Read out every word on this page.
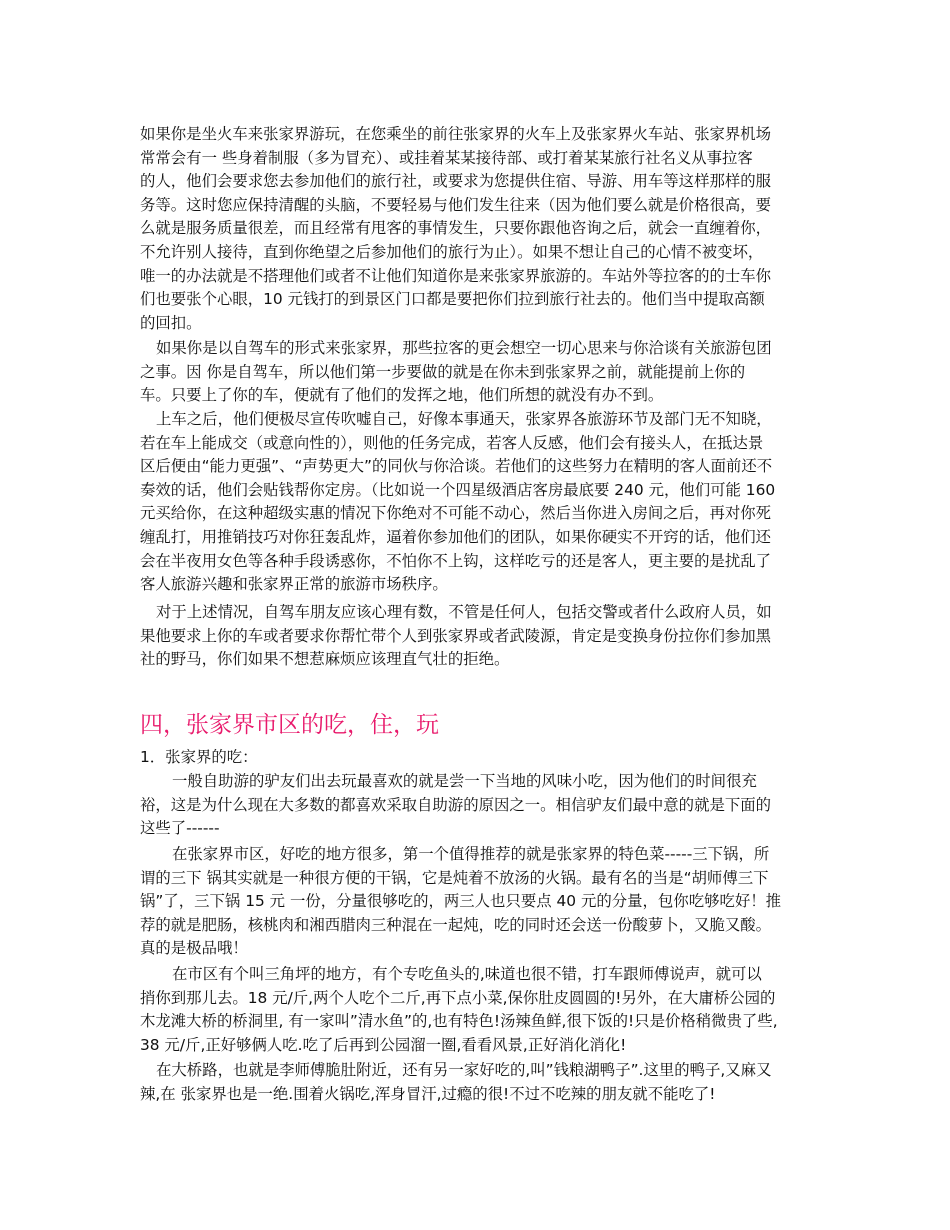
如果你是坐火车来张家界游玩，在您乘坐的前往张家界的火车上及张家界火车站、张家界机场
常常会有一 些身着制服（多为冒充）、或挂着某某接待部、或打着某某旅行社名义从事拉客
的人，他们会要求您去参加他们的旅行社，或要求为您提供住宿、导游、用车等这样那样的服
务等。这时您应保持清醒的头脑，不要轻易与他们发生往来（因为他们要么就是价格很高，要
么就是服务质量很差，而且经常有甩客的事情发生，只要你跟他咨询之后，就会一直缠着你，
不允许别人接待，直到你绝望之后参加他们的旅行为止）。如果不想让自己的心情不被变坏，
唯一的办法就是不搭理他们或者不让他们知道你是来张家界旅游的。车站外等拉客的的士车你
们也要张个心眼，10 元钱打的到景区门口都是要把你们拉到旅行社去的。他们当中提取高额
的回扣。
如果你是以自驾车的形式来张家界，那些拉客的更会想空一切心思来与你洽谈有关旅游包团
之事。因 你是自驾车，所以他们第一步要做的就是在你未到张家界之前，就能提前上你的
车。只要上了你的车，便就有了他们的发挥之地，他们所想的就没有办不到。
上车之后，他们便极尽宣传吹嘘自己，好像本事通天，张家界各旅游环节及部门无不知晓，
若在车上能成交（或意向性的），则他的任务完成，若客人反感，他们会有接头人，在抵达景
区后便由“能力更强”、“声势更大”的同伙与你洽谈。若他们的这些努力在精明的客人面前还不
奏效的话，他们会贴钱帮你定房。（比如说一个四星级酒店客房最底要 240 元，他们可能 160
元买给你，在这种超级实惠的情况下你绝对不可能不动心，然后当你进入房间之后，再对你死
缠乱打，用推销技巧对你狂轰乱炸，逼着你参加他们的团队，如果你硬实不开窍的话，他们还
会在半夜用女色等各种手段诱惑你，不怕你不上钩，这样吃亏的还是客人，更主要的是扰乱了
客人旅游兴趣和张家界正常的旅游市场秩序。
对于上述情况，自驾车朋友应该心理有数，不管是任何人，包括交警或者什么政府人员，如
果他要求上你的车或者要求你帮忙带个人到张家界或者武陵源，肯定是变换身份拉你们参加黑
社的野马，你们如果不想惹麻烦应该理直气壮的拒绝。
四，张家界市区的吃，住，玩
1．张家界的吃：
一般自助游的驴友们出去玩最喜欢的就是尝一下当地的风味小吃，因为他们的时间很充
裕，这是为什么现在大多数的都喜欢采取自助游的原因之一。相信驴友们最中意的就是下面的
这些了------
在张家界市区，好吃的地方很多，第一个值得推荐的就是张家界的特色菜-----三下锅，所
谓的三下 锅其实就是一种很方便的干锅，它是炖着不放汤的火锅。最有名的当是“胡师傅三下
锅”了，三下锅 15 元 一份，分量很够吃的，两三人也只要点 40 元的分量，包你吃够吃好！推
荐的就是肥肠，核桃肉和湘西腊肉三种混在一起炖，吃的同时还会送一份酸萝卜，又脆又酸。
真的是极品哦！
在市区有个叫三角坪的地方，有个专吃鱼头的,味道也很不错，打车跟师傅说声，就可以
捎你到那儿去。18 元/斤,两个人吃个二斤,再下点小菜,保你肚皮圆圆的!另外，在大庸桥公园的
木龙滩大桥的桥洞里, 有一家叫”清水鱼”的,也有特色!汤辣鱼鲜,很下饭的!只是价格稍微贵了些,
38 元/斤,正好够俩人吃.吃了后再到公园溜一圈,看看风景,正好消化消化!
在大桥路，也就是李师傅脆肚附近，还有另一家好吃的,叫”钱粮湖鸭子”.这里的鸭子,又麻又
辣,在 张家界也是一绝.围着火锅吃,浑身冒汗,过瘾的很!不过不吃辣的朋友就不能吃了!
